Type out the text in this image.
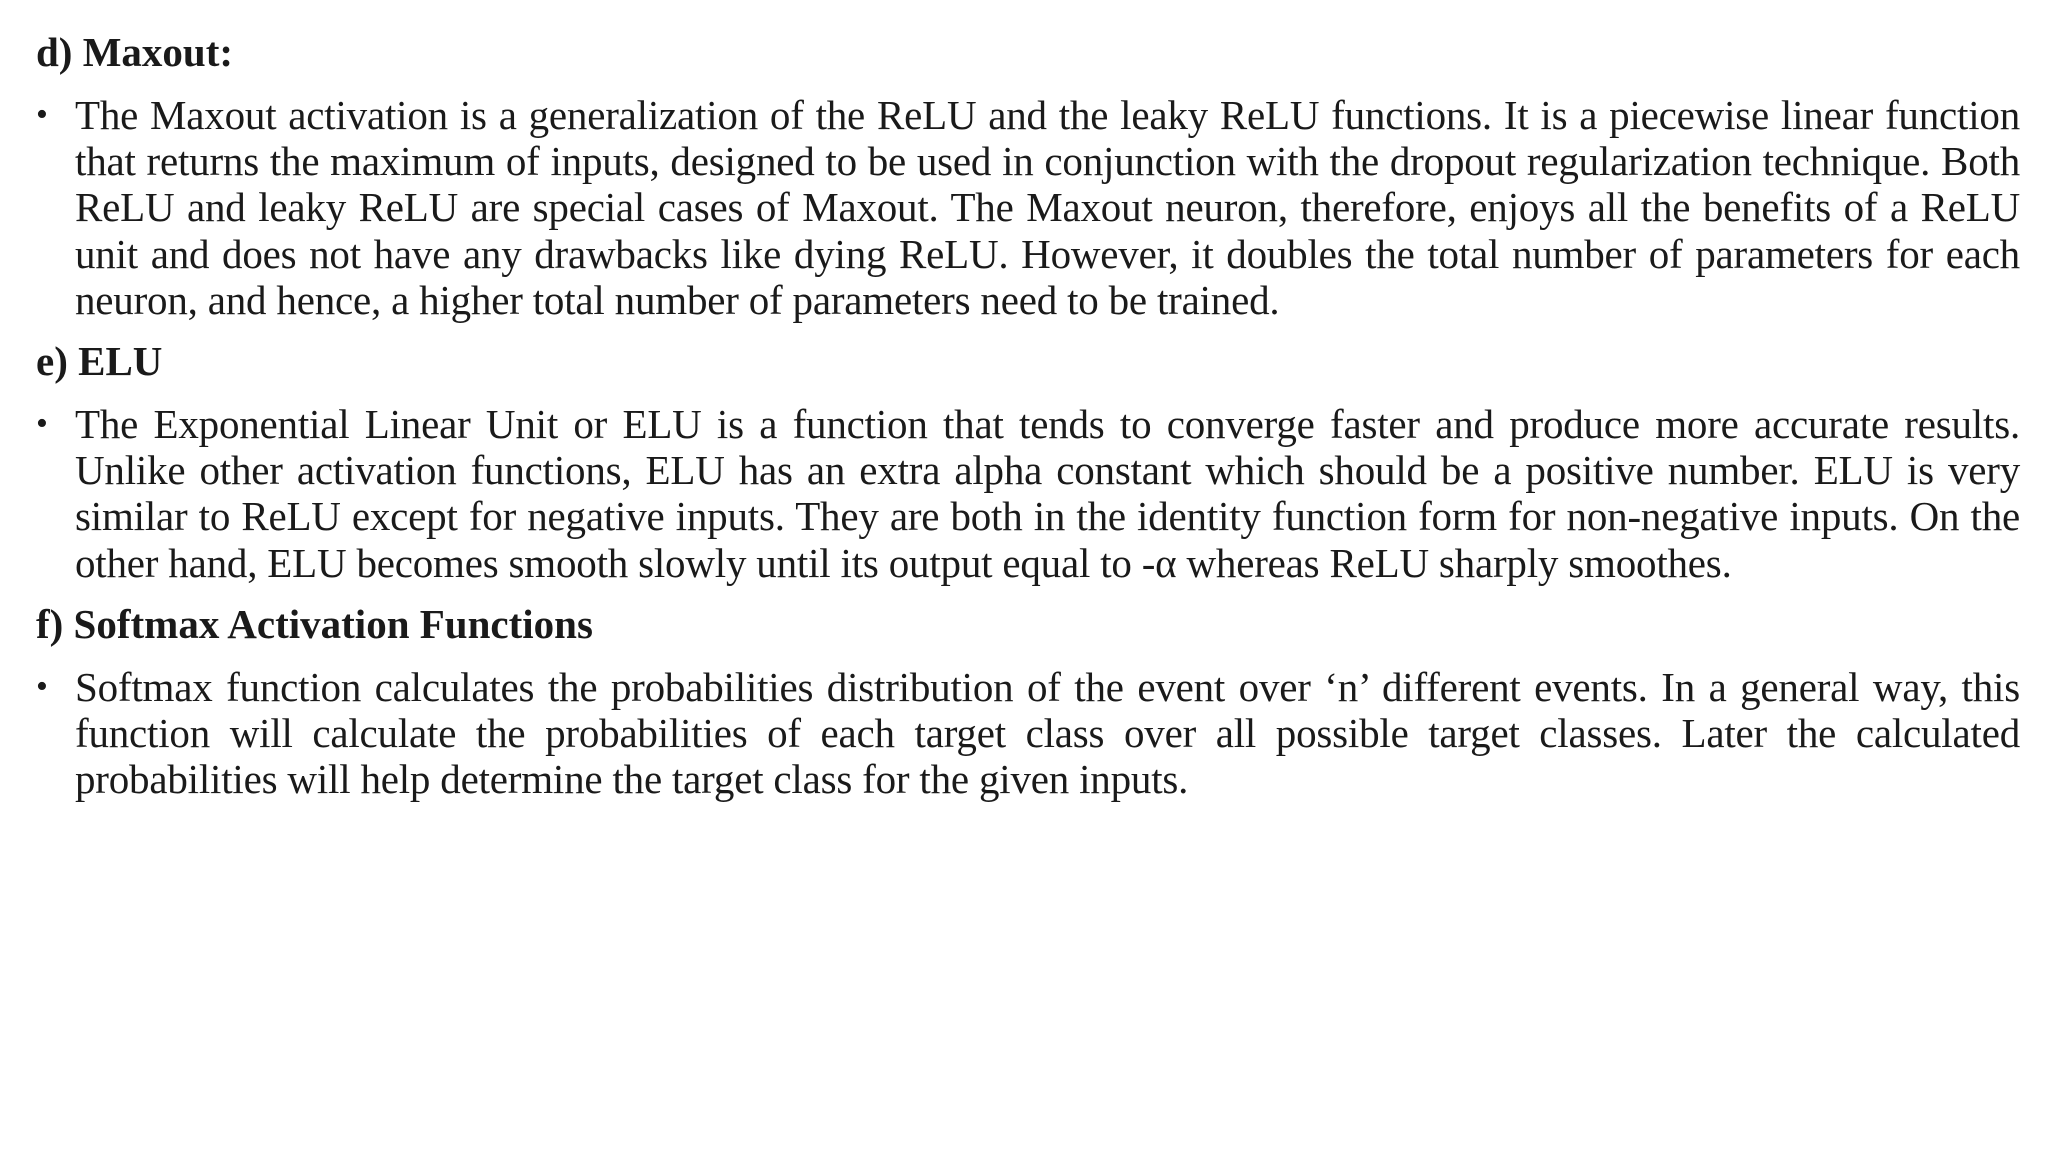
d) Maxout:
• The Maxout activation is a generalization of the ReLU and the leaky ReLU functions. It is a piecewise linear function that returns the maximum of inputs, designed to be used in conjunction with the dropout regularization technique. Both ReLU and leaky ReLU are special cases of Maxout. The Maxout neuron, therefore, enjoys all the benefits of a ReLU unit and does not have any drawbacks like dying ReLU. However, it doubles the total number of parameters for each neuron, and hence, a higher total number of parameters need to be trained.
e) ELU
• The Exponential Linear Unit or ELU is a function that tends to converge faster and produce more accurate results. Unlike other activation functions, ELU has an extra alpha constant which should be a positive number. ELU is very similar to ReLU except for negative inputs. They are both in the identity function form for non-negative inputs. On the other hand, ELU becomes smooth slowly until its output equal to -α whereas ReLU sharply smoothes.
f) Softmax Activation Functions
• Softmax function calculates the probabilities distribution of the event over ‘n’ different events. In a general way, this function will calculate the probabilities of each target class over all possible target classes. Later the calculated probabilities will help determine the target class for the given inputs.
